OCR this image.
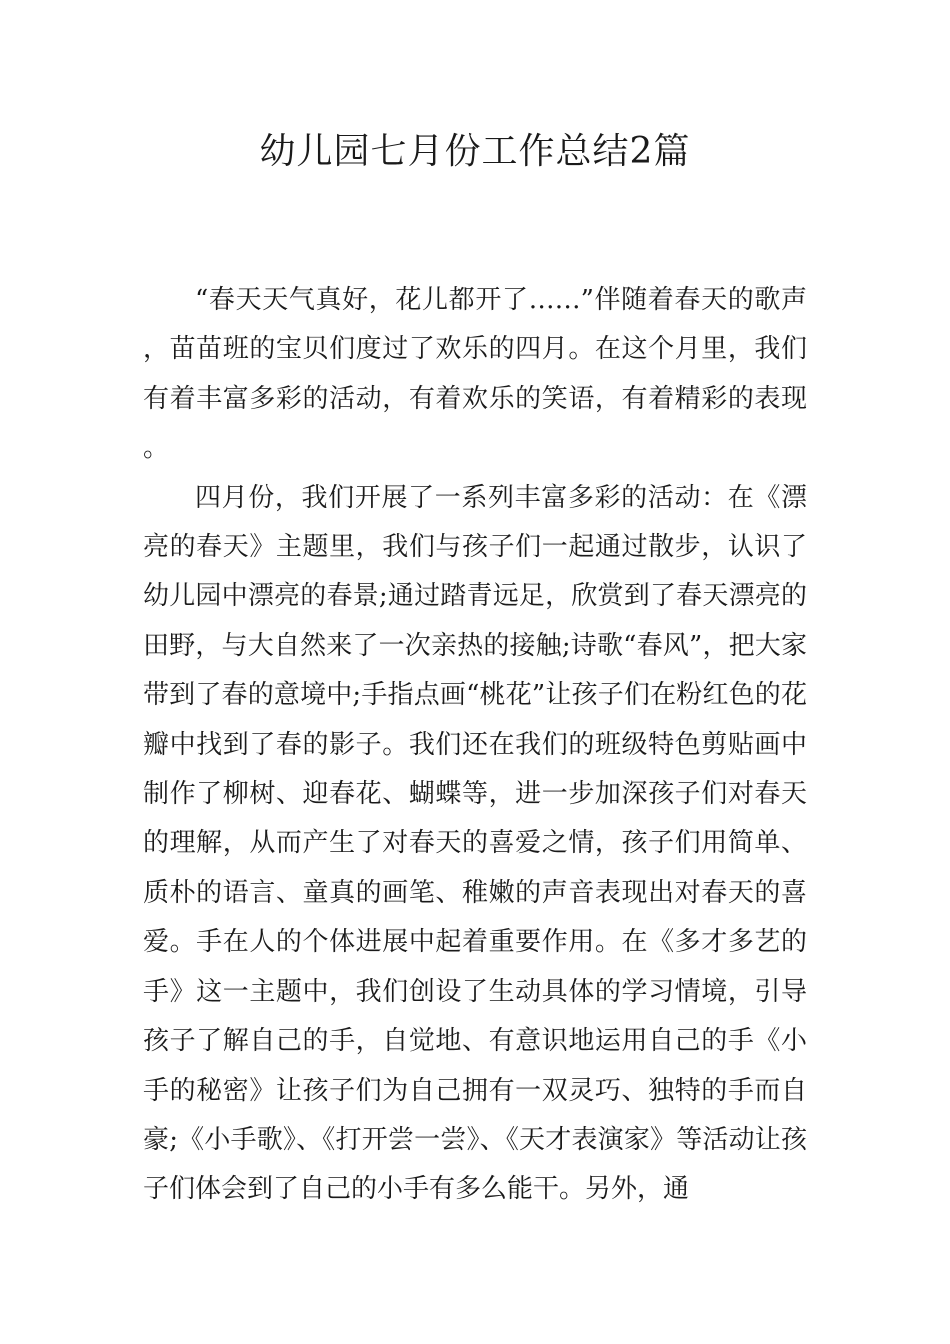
幼儿园七月份工作总结2篇

“春天天气真好，花儿都开了……”伴随着春天的歌声，苗苗班的宝贝们度过了欢乐的四月。在这个月里，我们有着丰富多彩的活动，有着欢乐的笑语，有着精彩的表现。

四月份，我们开展了一系列丰富多彩的活动：在《漂亮的春天》主题里，我们与孩子们一起通过散步，认识了幼儿园中漂亮的春景;通过踏青远足，欣赏到了春天漂亮的田野，与大自然来了一次亲热的接触;诗歌“春风”，把大家带到了春的意境中;手指点画“桃花”让孩子们在粉红色的花瓣中找到了春的影子。我们还在我们的班级特色剪贴画中制作了柳树、迎春花、蝴蝶等，进一步加深孩子们对春天的理解，从而产生了对春天的喜爱之情，孩子们用简单、质朴的语言、童真的画笔、稚嫩的声音表现出对春天的喜爱。手在人的个体进展中起着重要作用。在《多才多艺的手》这一主题中，我们创设了生动具体的学习情境，引导孩子了解自己的手，自觉地、有意识地运用自己的手《小手的秘密》让孩子们为自己拥有一双灵巧、独特的手而自豪;《小手歌》、《打开尝一尝》、《天才表演家》等活动让孩子们体会到了自己的小手有多么能干。另外，通
